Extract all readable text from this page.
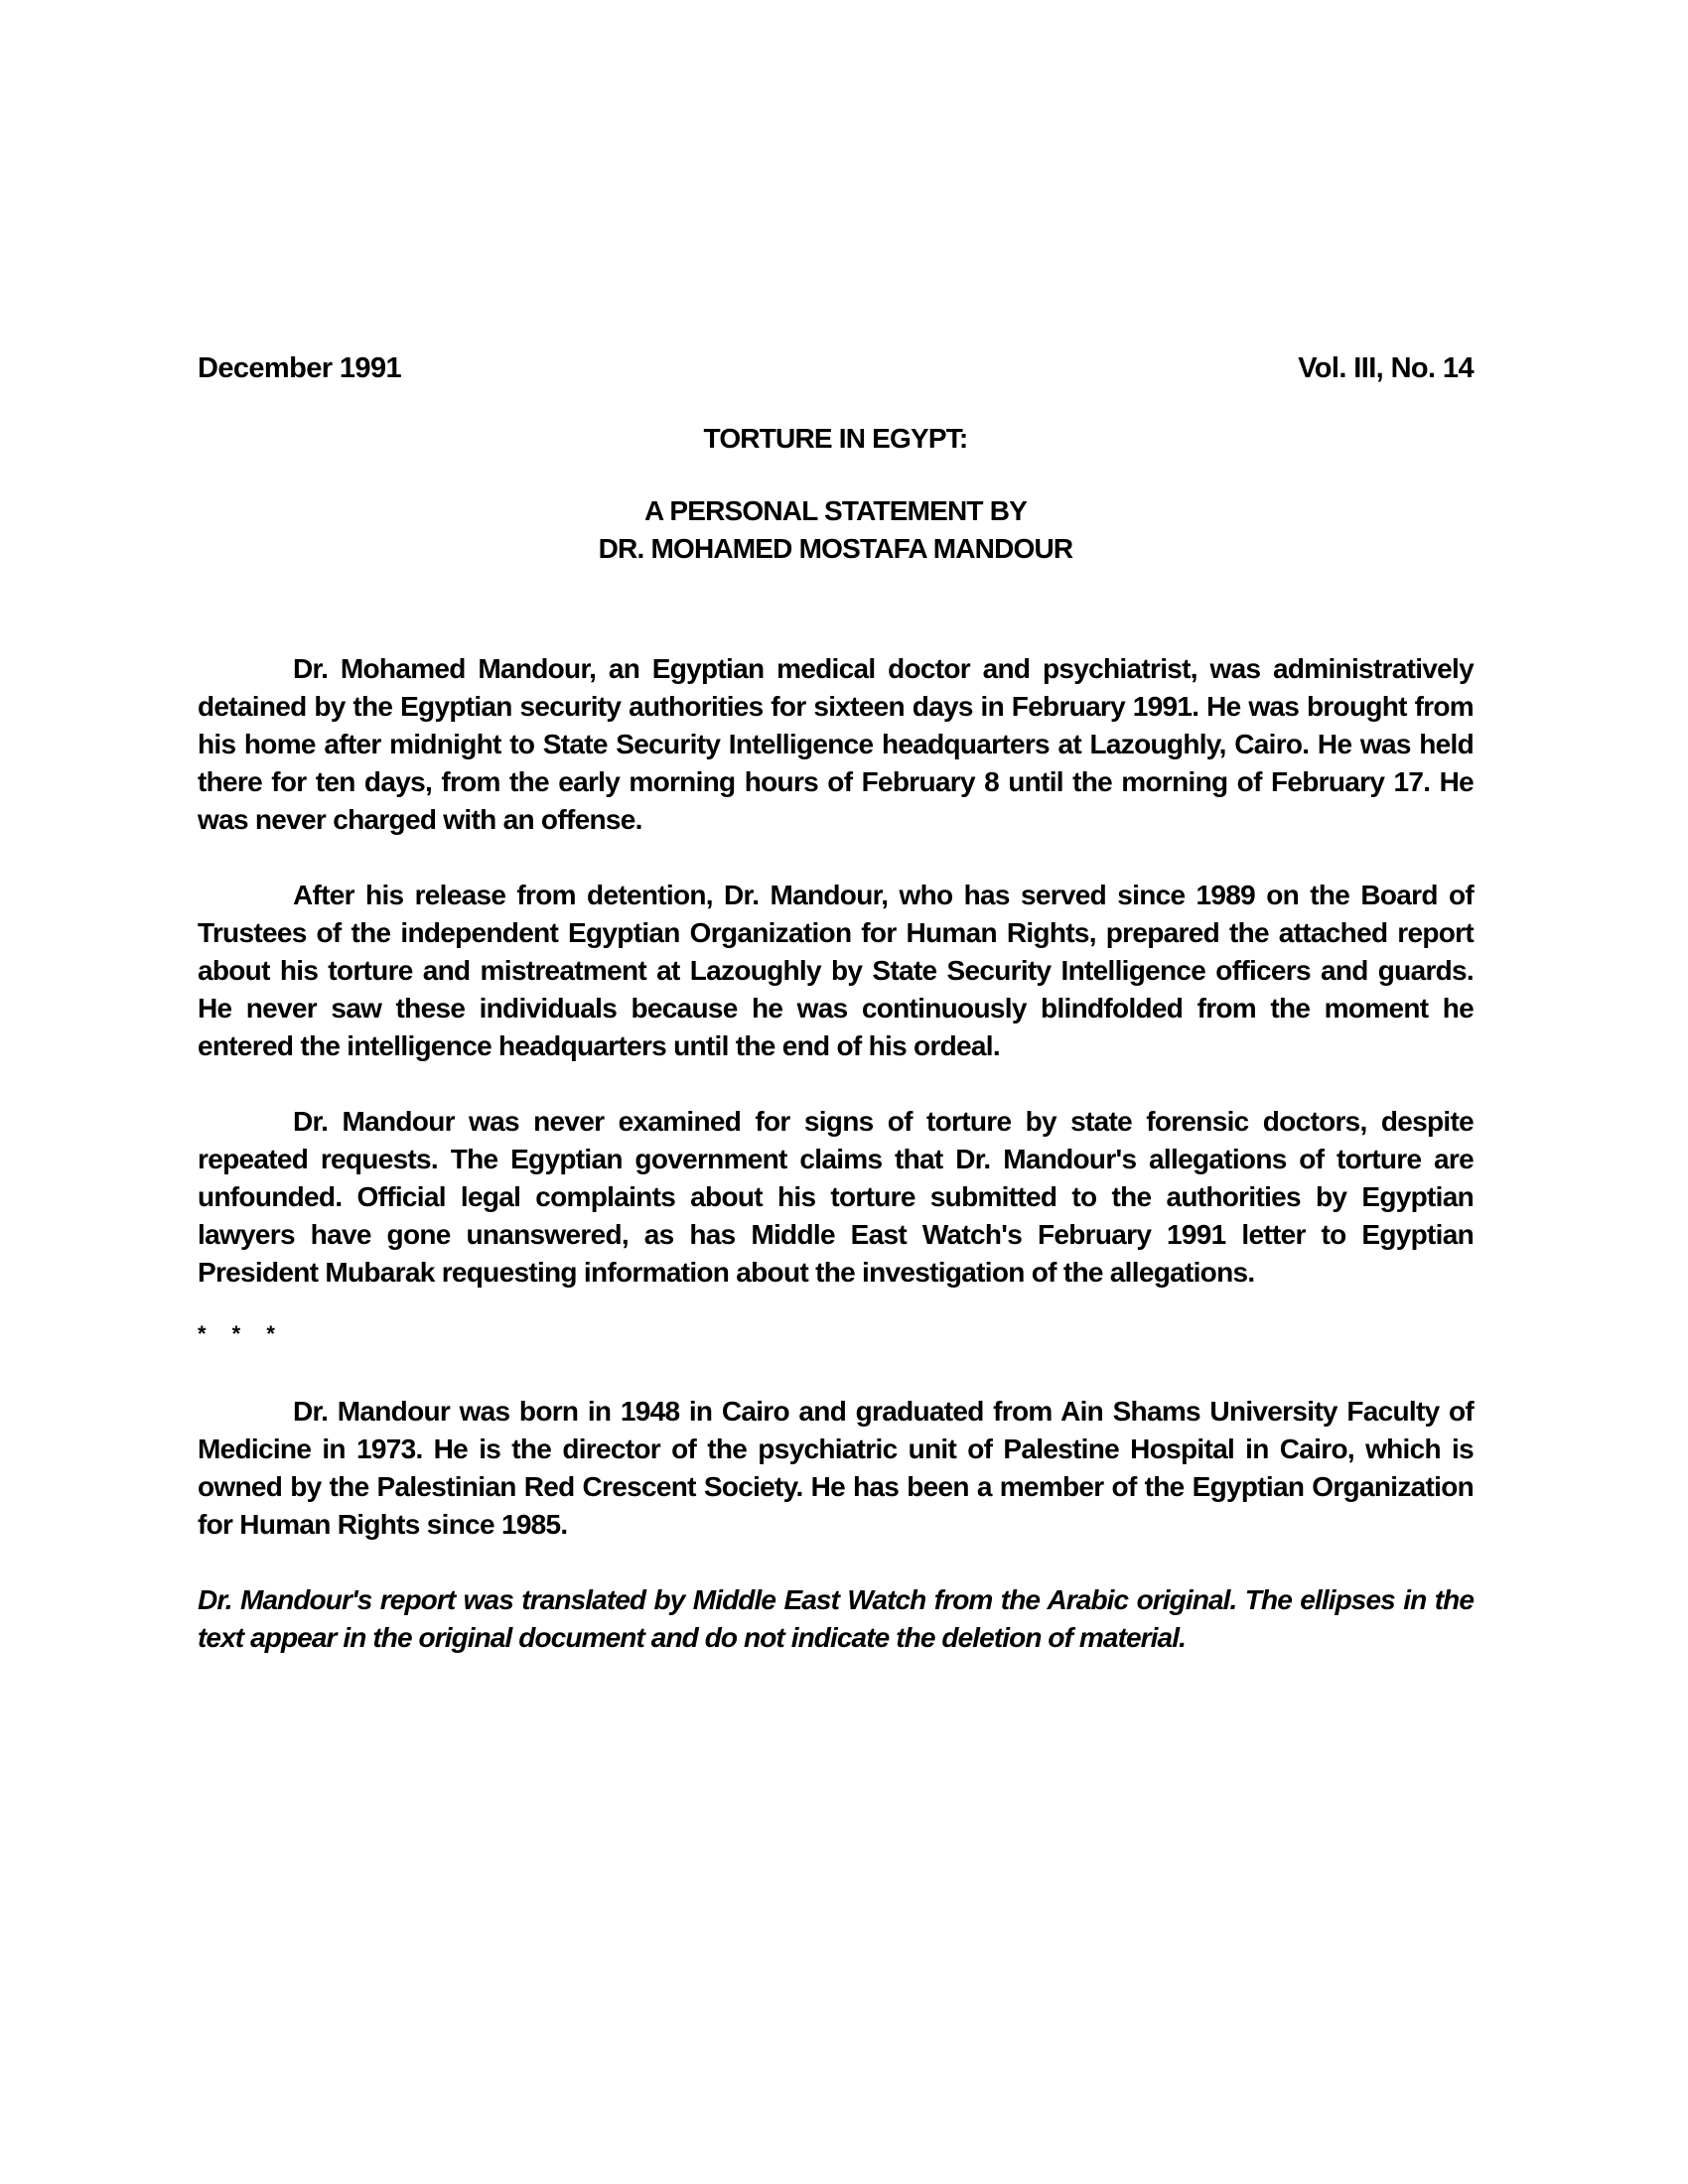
December 1991	Vol. III, No. 14
TORTURE IN EGYPT:
A PERSONAL STATEMENT BY
DR. MOHAMED MOSTAFA MANDOUR

Dr. Mohamed Mandour, an Egyptian medical doctor and psychiatrist, was administratively detained by the Egyptian security authorities for sixteen days in February 1991. He was brought from his home after midnight to State Security Intelligence headquarters at Lazoughly, Cairo. He was held there for ten days, from the early morning hours of February 8 until the morning of February 17. He was never charged with an offense.

After his release from detention, Dr. Mandour, who has served since 1989 on the Board of Trustees of the independent Egyptian Organization for Human Rights, prepared the attached report about his torture and mistreatment at Lazoughly by State Security Intelligence officers and guards. He never saw these individuals because he was continuously blindfolded from the moment he entered the intelligence headquarters until the end of his ordeal.

Dr. Mandour was never examined for signs of torture by state forensic doctors, despite repeated requests. The Egyptian government claims that Dr. Mandour's allegations of torture are unfounded. Official legal complaints about his torture submitted to the authorities by Egyptian lawyers have gone unanswered, as has Middle East Watch's February 1991 letter to Egyptian President Mubarak requesting information about the investigation of the allegations.

* * *

Dr. Mandour was born in 1948 in Cairo and graduated from Ain Shams University Faculty of Medicine in 1973. He is the director of the psychiatric unit of Palestine Hospital in Cairo, which is owned by the Palestinian Red Crescent Society. He has been a member of the Egyptian Organization for Human Rights since 1985.

Dr. Mandour's report was translated by Middle East Watch from the Arabic original. The ellipses in the text appear in the original document and do not indicate the deletion of material.
